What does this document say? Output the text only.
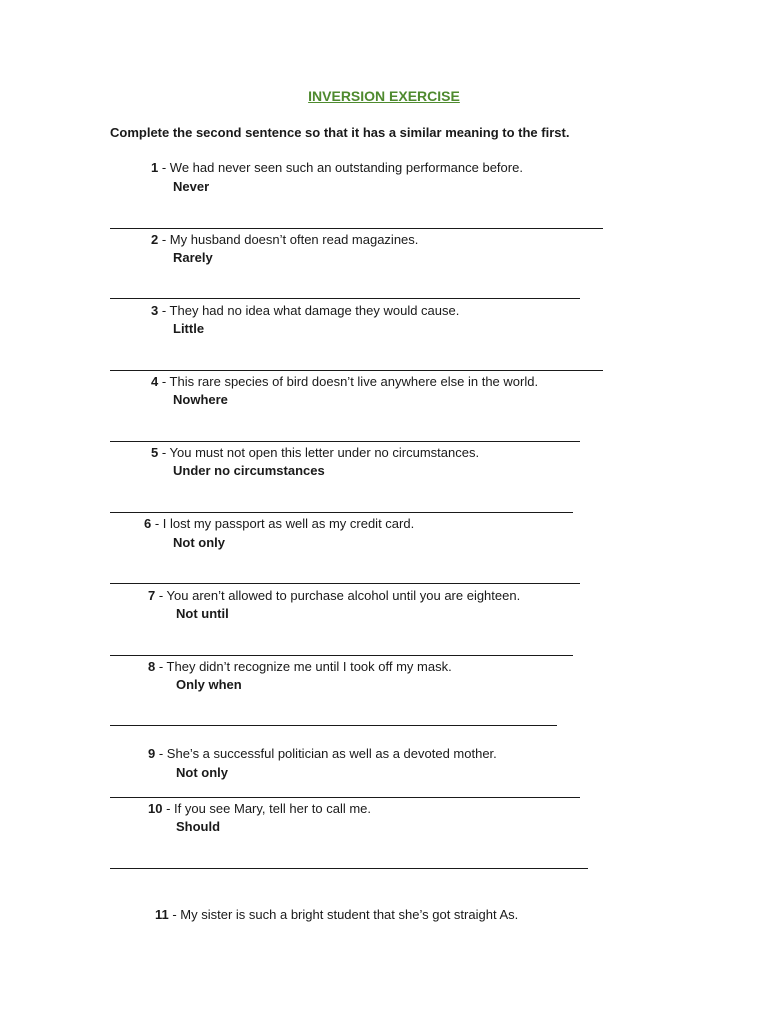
INVERSION EXERCISE
Complete the second sentence so that it has a similar meaning to the first.
1 - We had never seen such an outstanding performance before.
Never
2 - My husband doesn’t often read magazines.
Rarely
3 - They had no idea what damage they would cause.
Little
4 - This rare species of bird doesn’t live anywhere else in the world.
Nowhere
5 - You must not open this letter under no circumstances.
Under no circumstances
6 - I lost my passport as well as my credit card.
Not only
7 - You aren’t allowed to purchase alcohol until you are eighteen.
Not until
8 - They didn’t recognize me until I took off my mask.
Only when
9 - She’s a successful politician as well as a devoted mother.
Not only
10 - If you see Mary, tell her to call me.
Should
11 - My sister is such a bright student that she’s got straight As.
